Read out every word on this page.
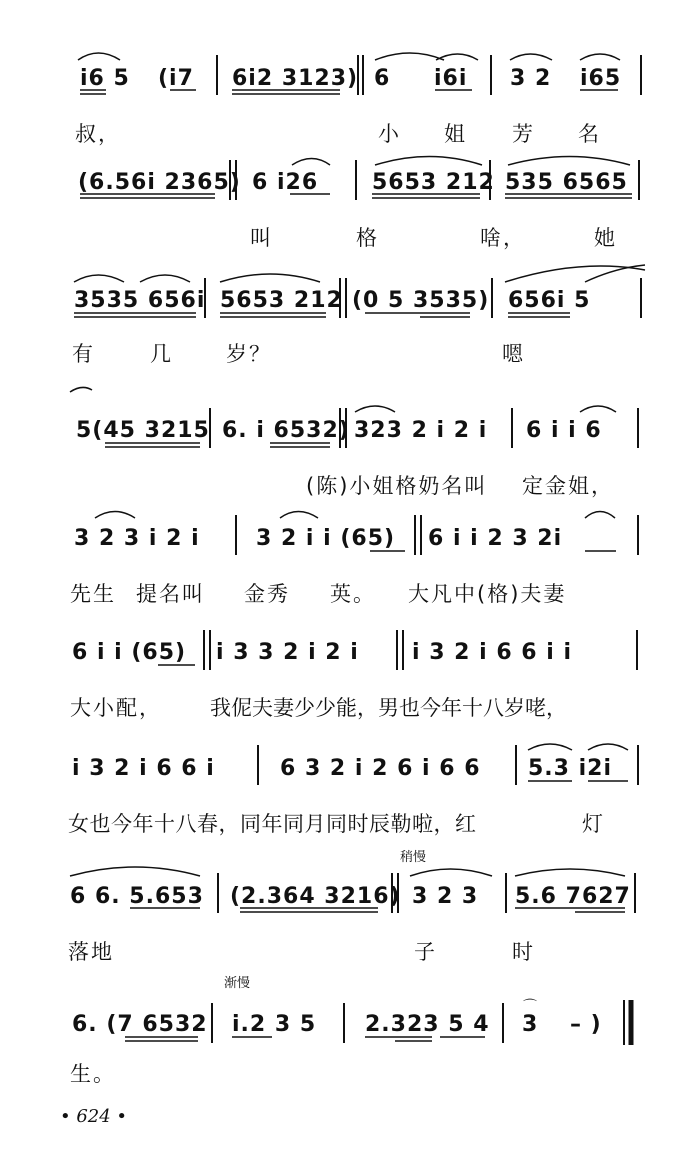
i6 5 (i7 6i2 3123) 6 i6i 3 2 i65
叔，	小 姐 芳 名
(6.56i 2365) 6 i26 5653 212 535 6565
叫	格	啥，	她
3535 656i 5653 212 (0 5 3535) 656i 5
有	几	岁？	嗯
5(45 3215 6. i 6532) 323 2 i 2 i 6 i i 6
(陈)小姐格奶名叫 定金姐，
3 2 3 i 2 i	3 2 i i (65) 6 i i 2 3 2i
先生 提名叫 金秀 英。 大凡中(格)夫妻
6 i i (65) i 3 3 2 i 2 i i 3 2 i 6 6 i i
大小配， 我伲夫妻少少能，男也今年十八岁咾，
i 3 2 i 6 6 i	6 3 2 i 2 6 i 6 6 5.3 i2i
女也今年十八春，同年同月同时辰勒啦，红	灯
稍慢
6 6. 5.653 (2.364 3216) 3 2 3 5.6 7627
落地	子	时
渐慢
6. (7 6532 i.2 3 5 2.323 5 4 3 – )
⌒
生。
• 624 •
